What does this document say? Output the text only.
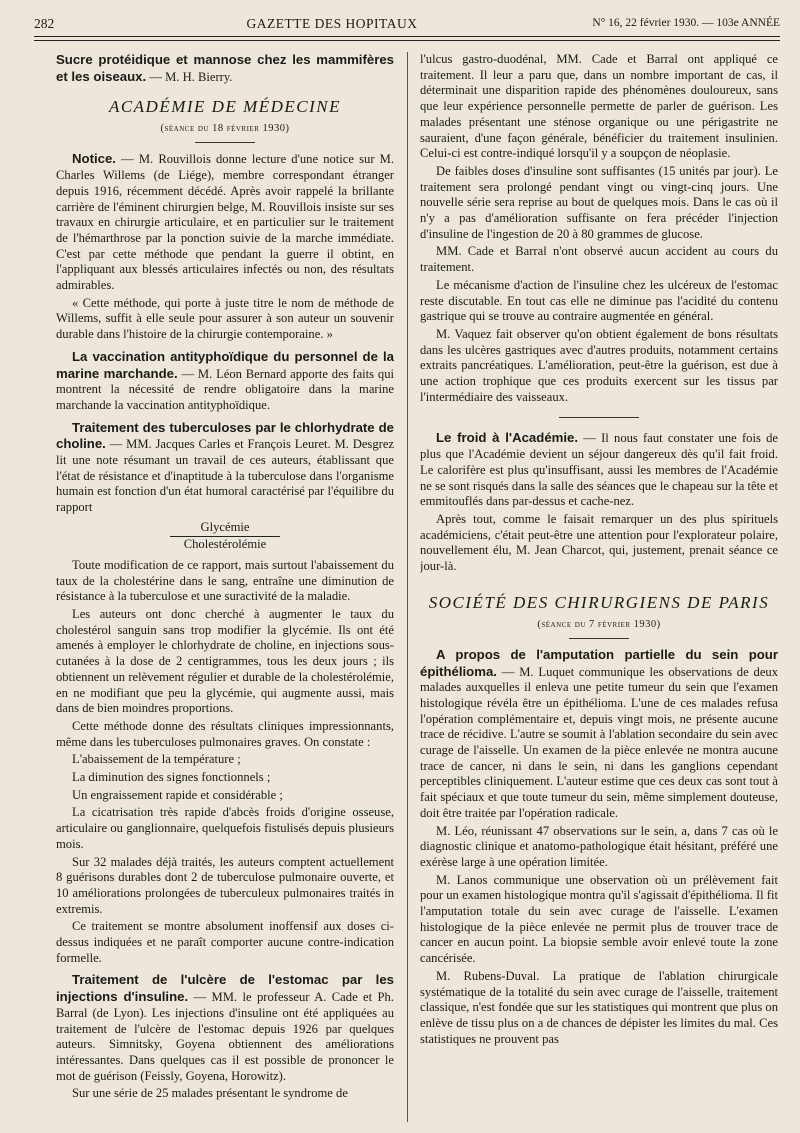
282	GAZETTE DES HOPITAUX	N° 16, 22 février 1930. — 103e ANNÉE

Sucre protéidique et mannose chez les mammifères et les oiseaux. — M. H. Bierry.

ACADÉMIE DE MÉDECINE
(séance du 18 février 1930)

Notice. — M. Rouvillois donne lecture d'une notice sur M. Charles Willems (de Liége), membre correspondant étranger depuis 1916, récemment décédé. Après avoir rappelé la brillante carrière de l'éminent chirurgien belge, M. Rouvillois insiste sur ses travaux en chirurgie articulaire, et en particulier sur le traitement de l'hémarthrose par la ponction suivie de la marche immédiate. C'est par cette méthode que pendant la guerre il obtint, en l'appliquant aux blessés articulaires infectés ou non, des résultats admirables.

« Cette méthode, qui porte à juste titre le nom de méthode de Willems, suffit à elle seule pour assurer à son auteur un souvenir durable dans l'histoire de la chirurgie contemporaine. »

La vaccination antityphoïdique du personnel de la marine marchande. — M. Léon Bernard apporte des faits qui montrent la nécessité de rendre obligatoire dans la marine marchande la vaccination antityphoïdique.

Traitement des tuberculoses par le chlorhydrate de choline. — MM. Jacques Carles et François Leuret. M. Desgrez lit une note résumant un travail de ces auteurs, établissant que l'état de résistance et d'inaptitude à la tuberculose dans l'organisme humain est fonction d'un état humoral caractérisé par l'équilibre du rapport

Glycémie
Cholestérolémie

Toute modification de ce rapport, mais surtout l'abaissement du taux de la cholestérine dans le sang, entraîne une diminution de résistance à la tuberculose et une suractivité de la maladie.

Les auteurs ont donc cherché à augmenter le taux du cholestérol sanguin sans trop modifier la glycémie. Ils ont été amenés à employer le chlorhydrate de choline, en injections sous-cutanées à la dose de 2 centigrammes, tous les deux jours ; ils obtiennent un relèvement régulier et durable de la cholestérolémie, en ne modifiant que peu la glycémie, qui augmente aussi, mais dans de bien moindres proportions.

Cette méthode donne des résultats cliniques impressionnants, même dans les tuberculoses pulmonaires graves. On constate :

L'abaissement de la température ;

La diminution des signes fonctionnels ;

Un engraissement rapide et considérable ;

La cicatrisation très rapide d'abcès froids d'origine osseuse, articulaire ou ganglionnaire, quelquefois fistulisés depuis plusieurs mois.

Sur 32 malades déjà traités, les auteurs comptent actuellement 8 guérisons durables dont 2 de tuberculose pulmonaire ouverte, et 10 améliorations prolongées de tuberculeux pulmonaires traités in extremis.

Ce traitement se montre absolument inoffensif aux doses ci-dessus indiquées et ne paraît comporter aucune contre-indication formelle.

Traitement de l'ulcère de l'estomac par les injections d'insuline. — MM. le professeur A. Cade et Ph. Barral (de Lyon). Les injections d'insuline ont été appliquées au traitement de l'ulcère de l'estomac depuis 1926 par quelques auteurs. Simnitsky, Goyena obtiennent des améliorations intéressantes. Dans quelques cas il est possible de prononcer le mot de guérison (Feissly, Goyena, Horowitz).

Sur une série de 25 malades présentant le syndrome de

l'ulcus gastro-duodénal, MM. Cade et Barral ont appliqué ce traitement. Il leur a paru que, dans un nombre important de cas, il déterminait une disparition rapide des phénomènes douloureux, sans que leur expérience personnelle permette de parler de guérison. Les malades présentant une sténose organique ou une périgastrite ne sauraient, d'une façon générale, bénéficier du traitement insulinien. Celui-ci est contre-indiqué lorsqu'il y a soupçon de néoplasie.

De faibles doses d'insuline sont suffisantes (15 unités par jour). Le traitement sera prolongé pendant vingt ou vingt-cinq jours. Une nouvelle série sera reprise au bout de quelques mois. Dans le cas où il n'y a pas d'amélioration suffisante on fera précéder l'injection d'insuline de l'ingestion de 20 à 80 grammes de glucose.

MM. Cade et Barral n'ont observé aucun accident au cours du traitement.

Le mécanisme d'action de l'insuline chez les ulcéreux de l'estomac reste discutable. En tout cas elle ne diminue pas l'acidité du contenu gastrique qui se trouve au contraire augmentée en général.

M. Vaquez fait observer qu'on obtient également de bons résultats dans les ulcères gastriques avec d'autres produits, notamment certains extraits pancréatiques. L'amélioration, peut-être la guérison, est due à une action trophique que ces produits exercent sur les tissus par l'intermédiaire des vaisseaux.

Le froid à l'Académie. — Il nous faut constater une fois de plus que l'Académie devient un séjour dangereux dès qu'il fait froid. Le calorifère est plus qu'insuffisant, aussi les membres de l'Académie ne se sont risqués dans la salle des séances que le chapeau sur la tête et emmitouflés dans par-dessus et cache-nez.

Après tout, comme le faisait remarquer un des plus spirituels académiciens, c'était peut-être une attention pour l'explorateur polaire, nouvellement élu, M. Jean Charcot, qui, justement, prenait séance ce jour-là.

SOCIÉTÉ DES CHIRURGIENS DE PARIS
(séance du 7 février 1930)

A propos de l'amputation partielle du sein pour épithélioma. — M. Luquet communique les observations de deux malades auxquelles il enleva une petite tumeur du sein que l'examen histologique révéla être un épithélioma. L'une de ces malades refusa l'opération complémentaire et, depuis vingt mois, ne présente aucune trace de récidive. L'autre se soumit à l'ablation secondaire du sein avec curage de l'aisselle. Un examen de la pièce enlevée ne montra aucune trace de cancer, ni dans le sein, ni dans les ganglions cependant perceptibles cliniquement. L'auteur estime que ces deux cas sont tout à fait spéciaux et que toute tumeur du sein, même simplement douteuse, doit être traitée par l'opération radicale.

M. Léo, réunissant 47 observations sur le sein, a, dans 7 cas où le diagnostic clinique et anatomo-pathologique était hésitant, préféré une exérèse large à une opération limitée.

M. Lanos communique une observation où un prélèvement fait pour un examen histologique montra qu'il s'agissait d'épithélioma. Il fit l'amputation totale du sein avec curage de l'aisselle. L'examen histologique de la pièce enlevée ne permit plus de trouver trace de cancer en aucun point. La biopsie semble avoir enlevé toute la zone cancérisée.

M. Rubens-Duval. La pratique de l'ablation chirurgicale systématique de la totalité du sein avec curage de l'aisselle, traitement classique, n'est fondée que sur les statistiques qui montrent que plus on enlève de tissu plus on a de chances de dépister les limites du mal. Ces statistiques ne prouvent pas
